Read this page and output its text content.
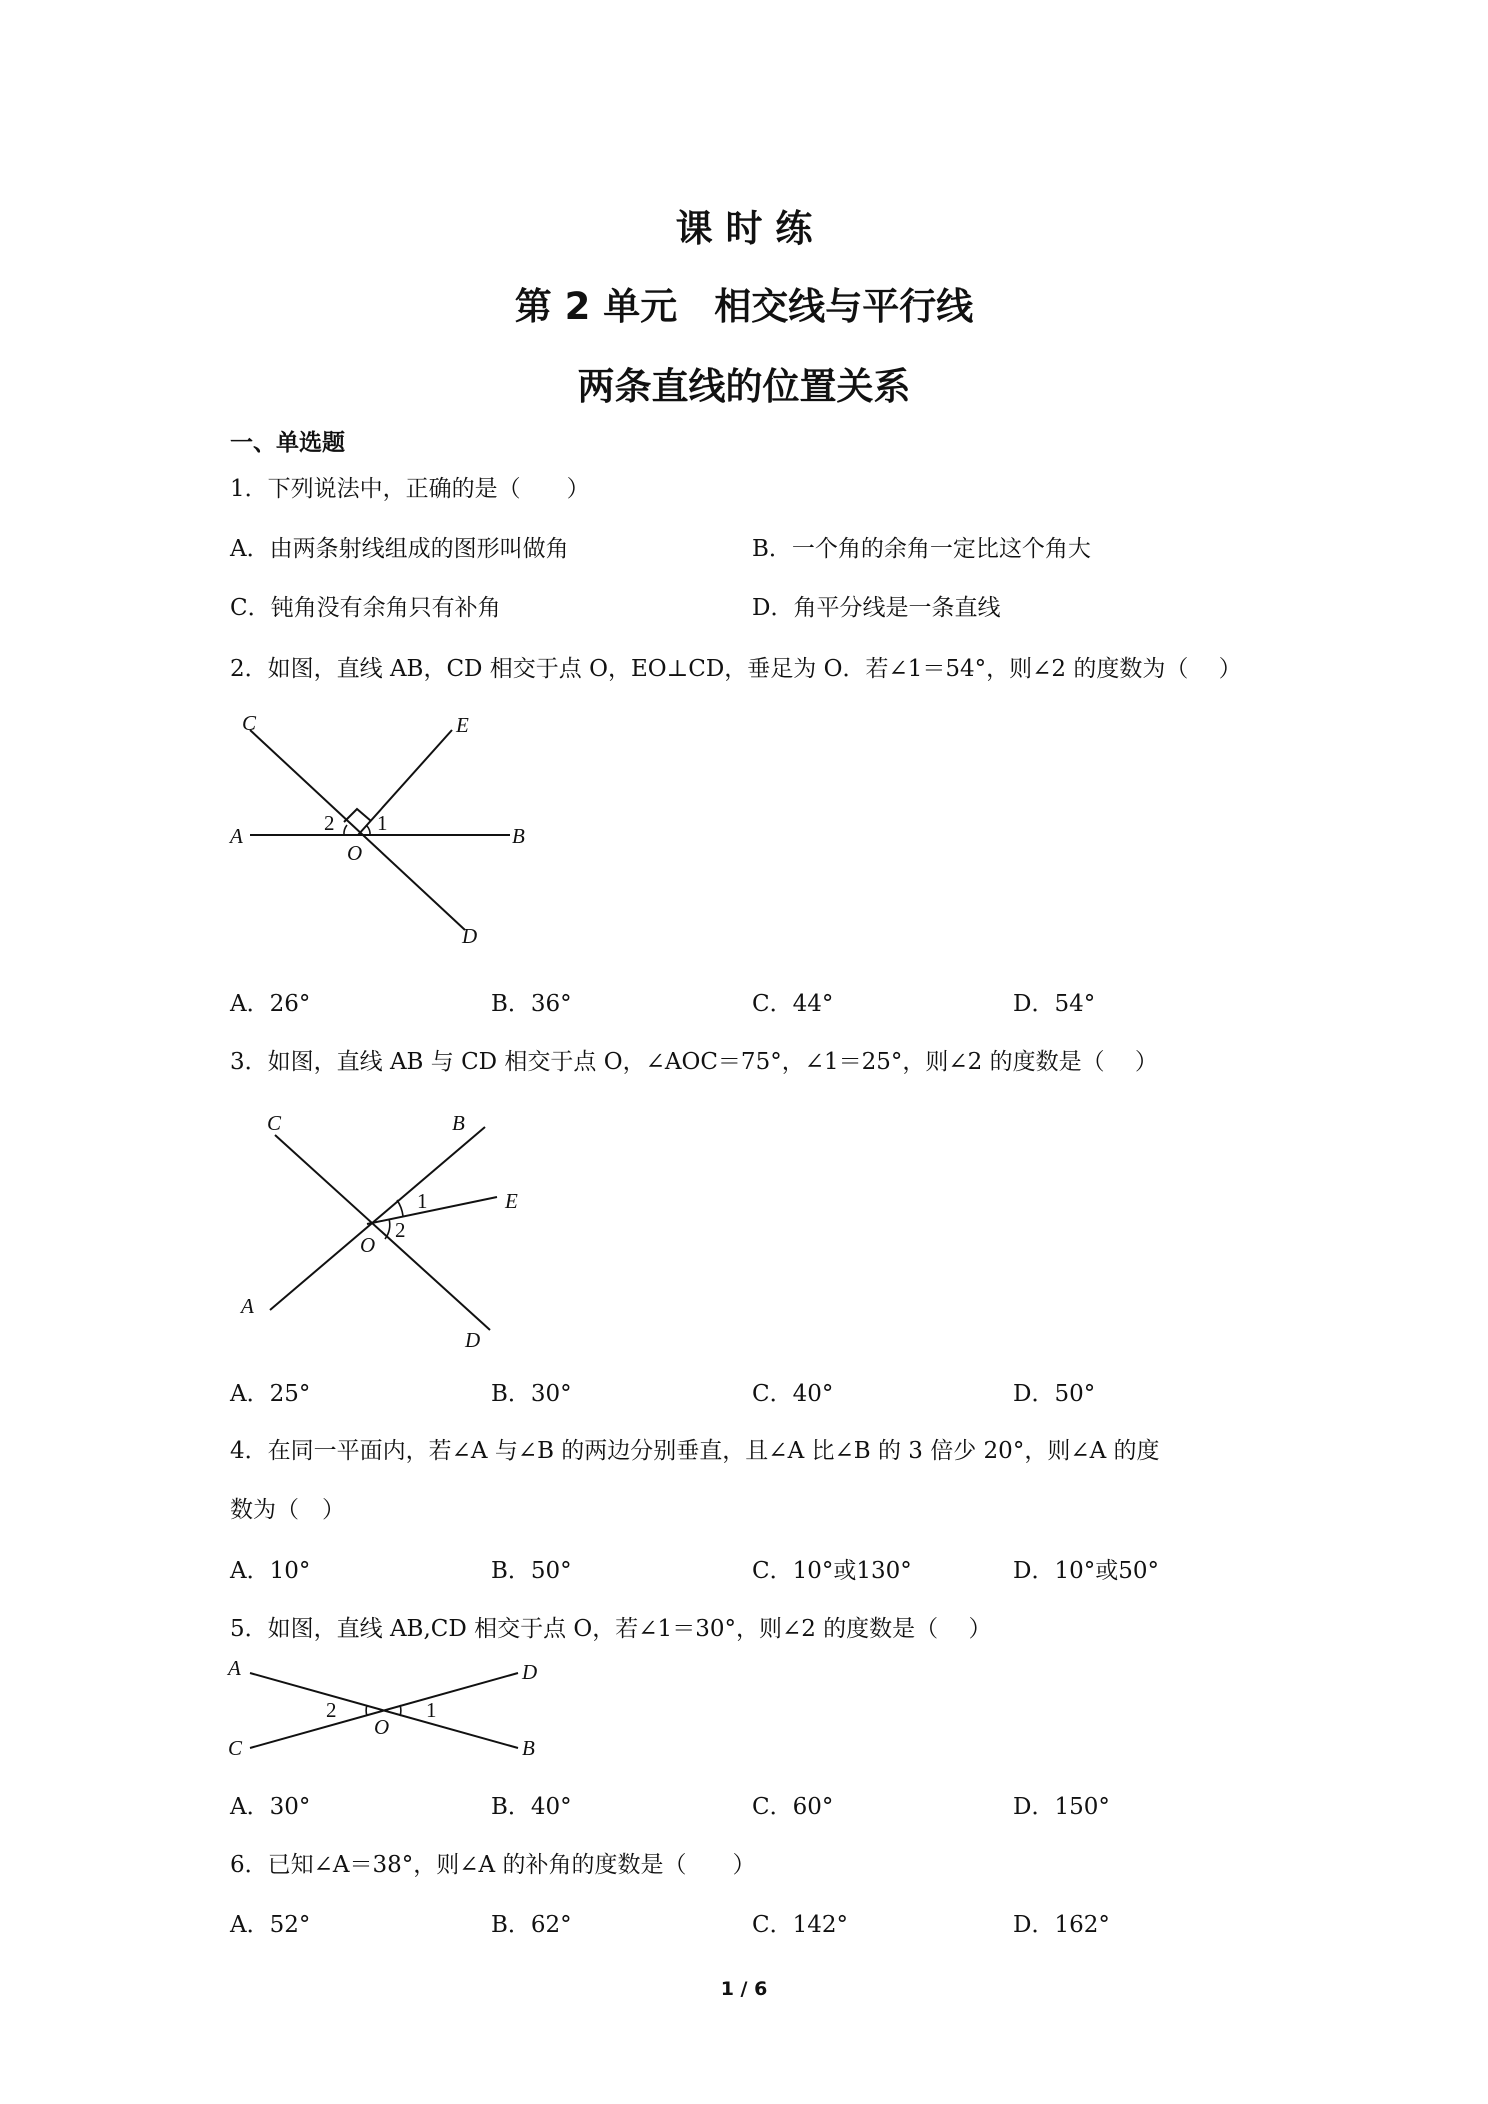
课 时 练
第 2 单元　相交线与平行线
两条直线的位置关系
一、单选题
1．下列说法中，正确的是（　　）
A．由两条射线组成的图形叫做角	B．一个角的余角一定比这个角大
C．钝角没有余角只有补角	D．角平分线是一条直线
2．如图，直线 AB，CD 相交于点 O，EO⊥CD，垂足为 O．若∠1＝54°，则∠2 的度数为（　 ）
C	E
A	B
O
D
1
2
A．26°	B．36°	C．44°	D．54°
3．如图，直线 AB 与 CD 相交于点 O，∠AOC＝75°，∠1＝25°，则∠2 的度数是（　 ）
C	B
E
O
A
D
1
2
A．25°	B．30°	C．40°	D．50°
4．在同一平面内，若∠A 与∠B 的两边分别垂直，且∠A 比∠B 的 3 倍少 20°，则∠A 的度
数为（　）
A．10°	B．50°	C．10°或130°	D．10°或50°
5．如图，直线 AB,CD 相交于点 O，若∠1＝30°，则∠2 的度数是（　 ）
A	D
C	B
O
1
2
A．30°	B．40°	C．60°	D．150°
6．已知∠A＝38°，则∠A 的补角的度数是（　　）
A．52°	B．62°	C．142°	D．162°
1 / 6
